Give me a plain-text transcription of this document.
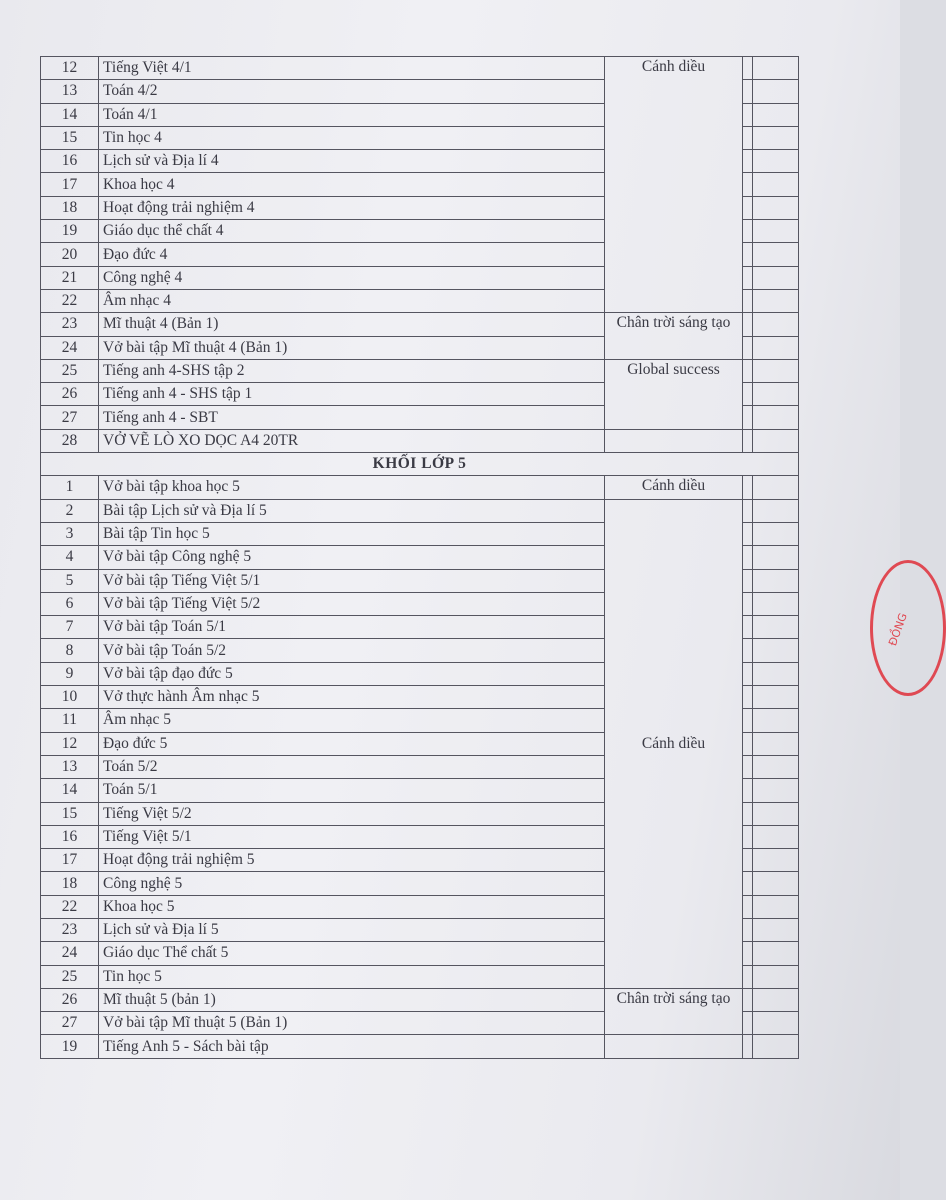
12	Tiếng Việt 4/1	Cánh diều		
13	Toán 4/2			
14	Toán 4/1			
15	Tin học 4			
16	Lịch sử và Địa lí 4			
17	Khoa học 4			
18	Hoạt động trải nghiệm 4			
19	Giáo dục thể chất 4			
20	Đạo đức 4			
21	Công nghệ 4			
22	Âm nhạc 4			
23	Mĩ thuật 4 (Bản 1)	Chân trời sáng tạo		
24	Vở bài tập Mĩ thuật 4 (Bản 1)			
25	Tiếng anh 4-SHS tập 2	Global success		
26	Tiếng anh 4 - SHS tập 1			
27	Tiếng anh 4 - SBT			
28	VỞ VẼ LÒ XO DỌC A4 20TR			
KHỐI LỚP 5				
1	Vở bài tập khoa học 5	Cánh diều		
2	Bài tập Lịch sử và Địa lí 5	Cánh diều		
3	Bài tập Tin học 5			
4	Vở bài tập Công nghệ 5			
5	Vở bài tập Tiếng Việt 5/1			
6	Vở bài tập Tiếng Việt 5/2			
7	Vở bài tập Toán 5/1			
8	Vở bài tập Toán 5/2			
9	Vở bài tập đạo đức 5			
10	Vở thực hành Âm nhạc 5			
11	Âm nhạc 5			
12	Đạo đức 5			
13	Toán 5/2			
14	Toán 5/1			
15	Tiếng Việt 5/2			
16	Tiếng Việt 5/1			
17	Hoạt động trải nghiệm 5			
18	Công nghệ 5			
22	Khoa học 5			
23	Lịch sử và Địa lí 5			
24	Giáo dục Thể chất 5			
25	Tin học 5			
26	Mĩ thuật 5 (bản 1)	Chân trời sáng tạo		
27	Vở bài tập Mĩ thuật 5 (Bản 1)			
19	Tiếng Anh 5 - Sách bài tập			
ĐỒNG
